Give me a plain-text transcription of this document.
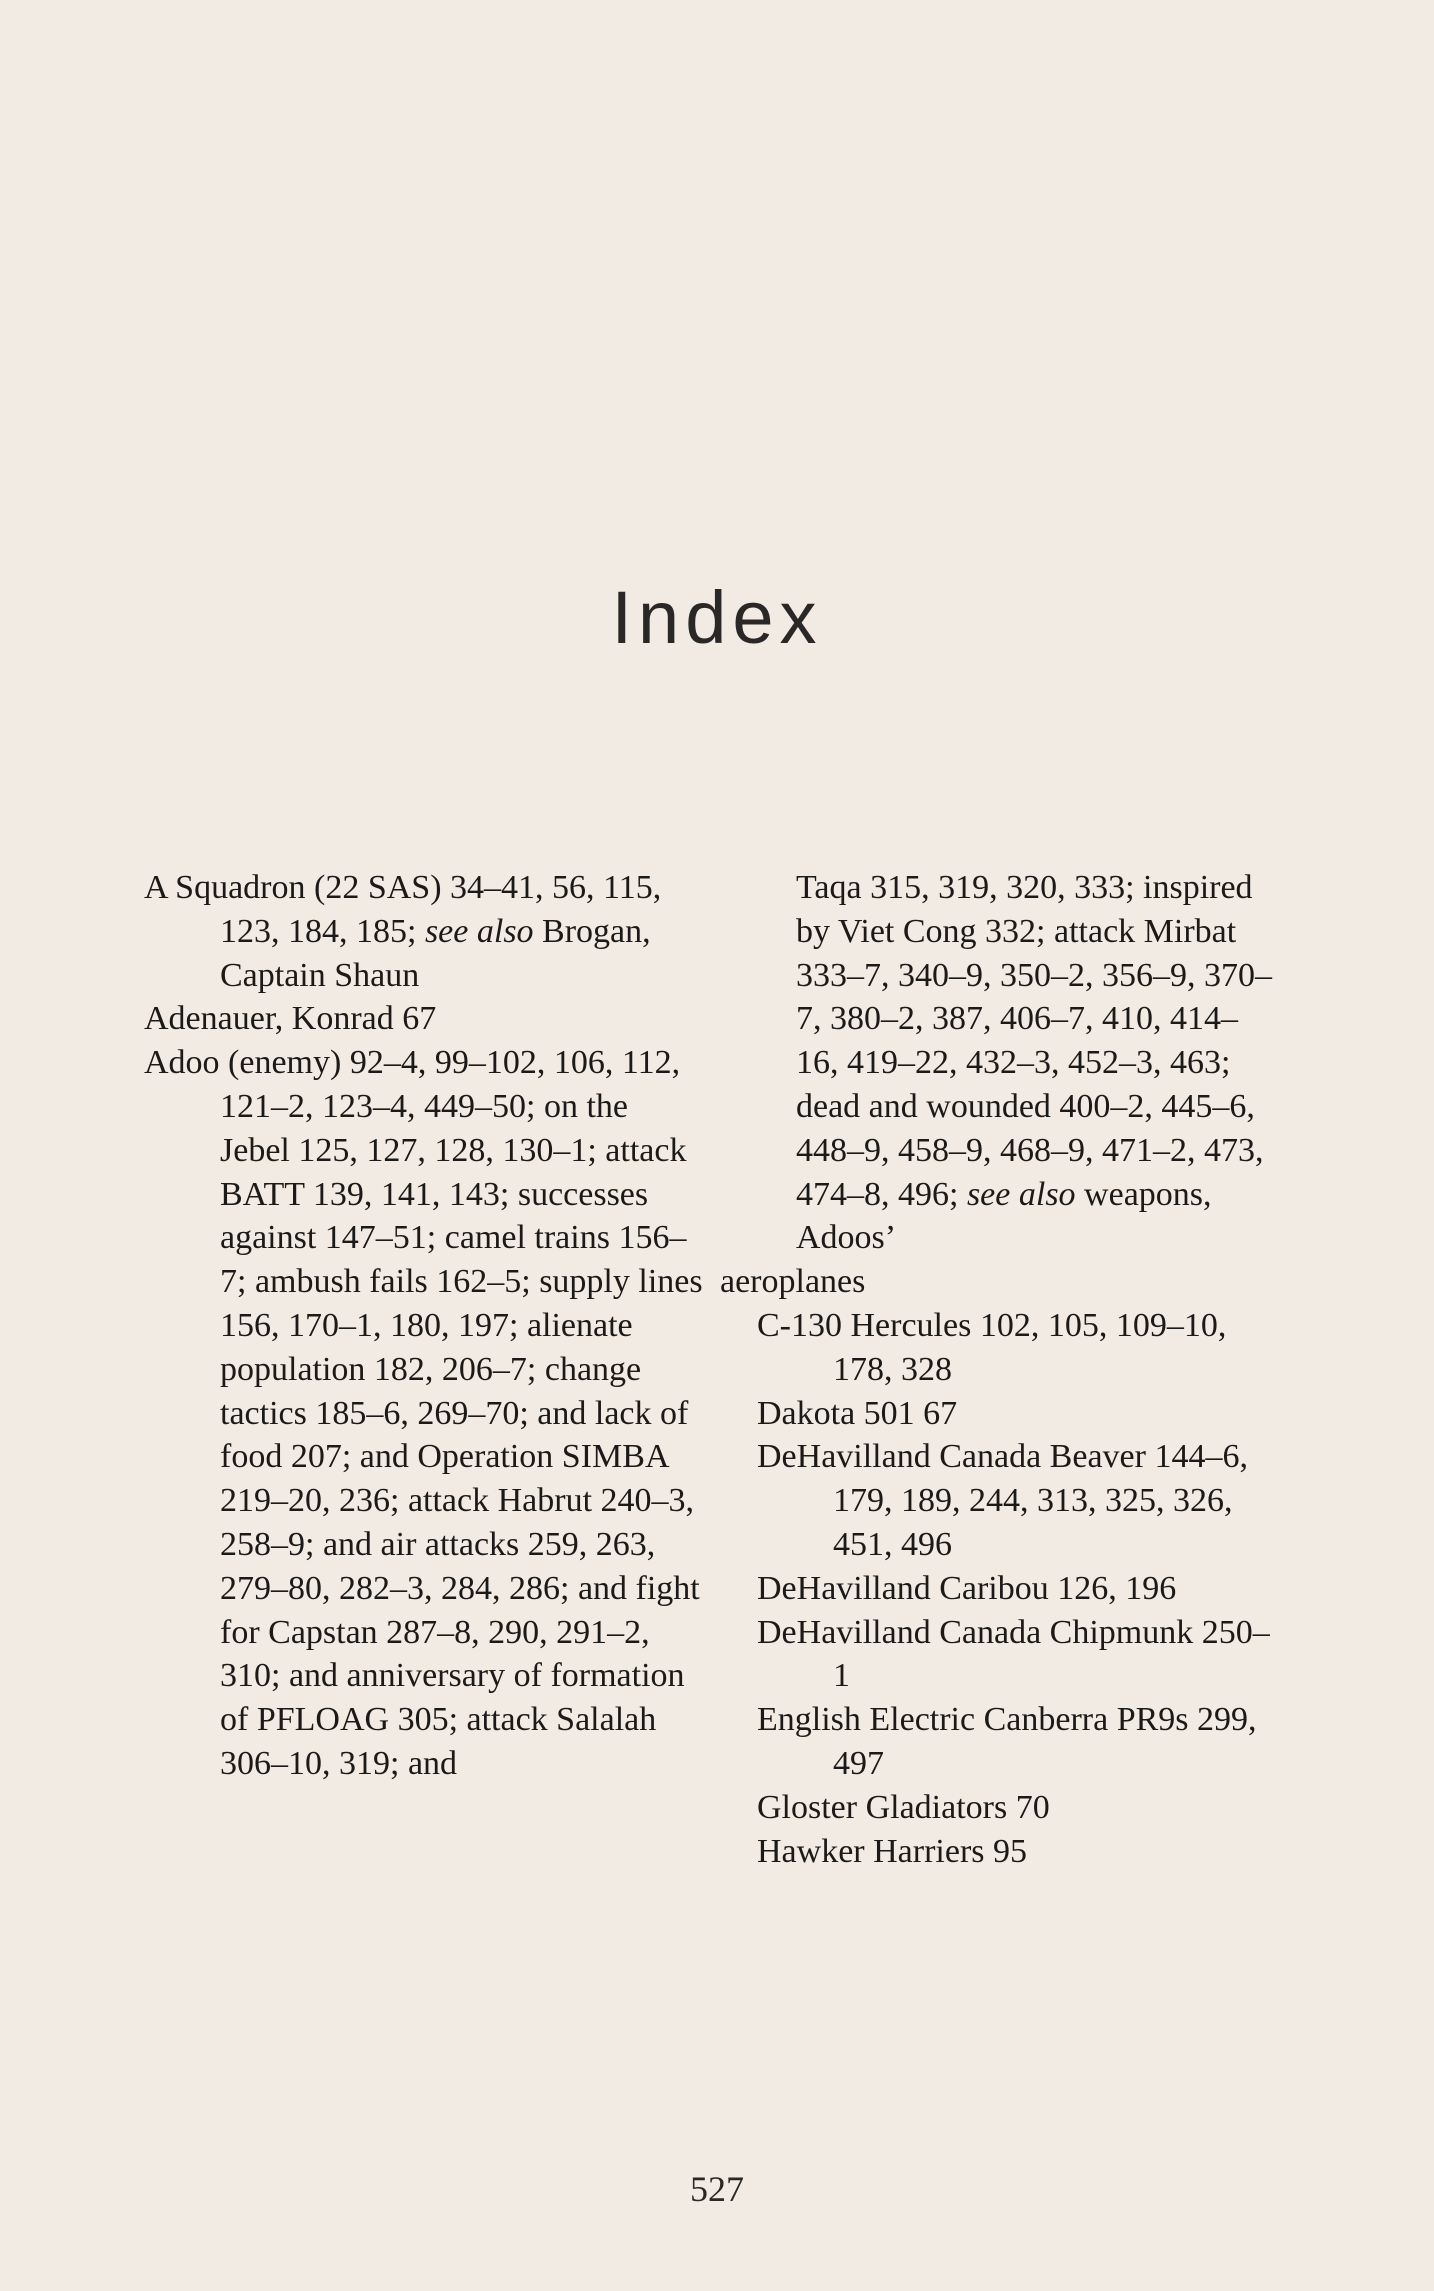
Index

A Squadron (22 SAS) 34–41, 56, 115, 123, 184, 185; see also Brogan, Captain Shaun

Adenauer, Konrad 67

Adoo (enemy) 92–4, 99–102, 106, 112, 121–2, 123–4, 449–50; on the Jebel 125, 127, 128, 130–1; attack BATT 139, 141, 143; successes against 147–51; camel trains 156–7; ambush fails 162–5; supply lines 156, 170–1, 180, 197; alienate population 182, 206–7; change tactics 185–6, 269–70; and lack of food 207; and Operation SIMBA 219–20, 236; attack Habrut 240–3, 258–9; and air attacks 259, 263, 279–80, 282–3, 284, 286; and fight for Capstan 287–8, 290, 291–2, 310; and anniversary of formation of PFLOAG 305; attack Salalah 306–10, 319; and

Taqa 315, 319, 320, 333; inspired by Viet Cong 332; attack Mirbat 333–7, 340–9, 350–2, 356–9, 370–7, 380–2, 387, 406–7, 410, 414–16, 419–22, 432–3, 452–3, 463; dead and wounded 400–2, 445–6, 448–9, 458–9, 468–9, 471–2, 473, 474–8, 496; see also weapons, Adoos’

aeroplanes

C-130 Hercules 102, 105, 109–10, 178, 328

Dakota 501 67

DeHavilland Canada Beaver 144–6, 179, 189, 244, 313, 325, 326, 451, 496

DeHavilland Caribou 126, 196

DeHavilland Canada Chipmunk 250–1

English Electric Canberra PR9s 299, 497

Gloster Gladiators 70

Hawker Harriers 95

527
